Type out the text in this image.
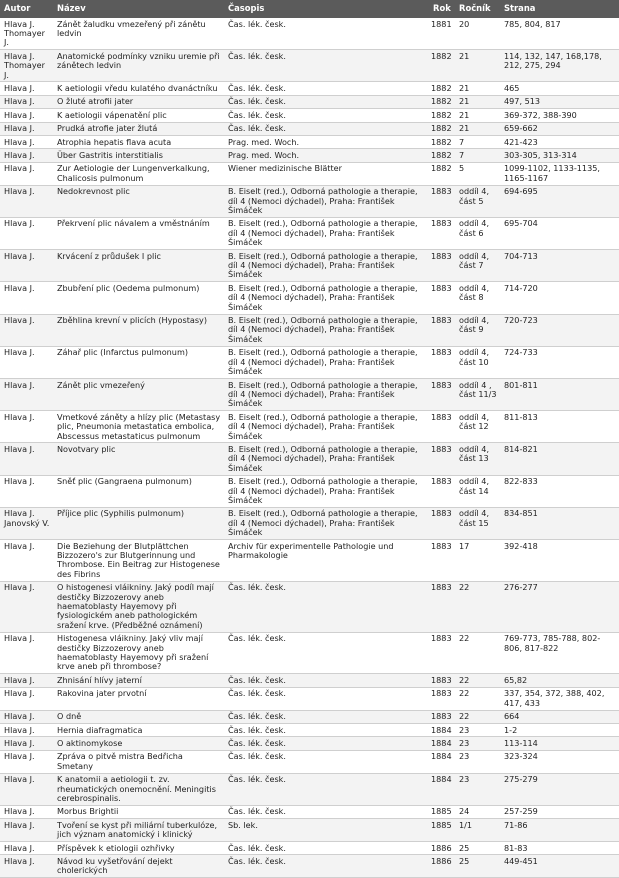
Autor	Název	Časopis	Rok	Ročník	Strana
Hlava J. Thomayer J.	Zánět žaludku vmezeřený při zánětu ledvin	Čas. lék. česk.	1881	20	785, 804, 817
Hlava J. Thomayer J.	Anatomické podmínky vzniku uremie při zánětech ledvin	Čas. lék. česk.	1882	21	114, 132, 147, 168,178, 212, 275, 294
Hlava J.	K aetiologii vředu kulatého dvanáctníku	Čas. lék. česk.	1882	21	465
Hlava J.	O žluté atrofii jater	Čas. lék. česk.	1882	21	497, 513
Hlava J.	K aetiologii vápenatění plic	Čas. lék. česk.	1882	21	369-372, 388-390
Hlava J.	Prudká atrofie jater žlutá	Čas. lék. česk.	1882	21	659-662
Hlava J.	Atrophia hepatis flava acuta	Prag. med. Woch.	1882	7	421-423
Hlava J.	Über Gastritis interstitialis	Prag. med. Woch.	1882	7	303-305, 313-314
Hlava J.	Zur Aetiologie der Lungenverkalkung, Chalicosis pulmonum	Wiener medizinische Blätter	1882	5	1099-1102, 1133-1135, 1165-1167
Hlava J.	Nedokrevnost plic	B. Eiselt (red.), Odborná pathologie a therapie, díl 4 (Nemoci dýchadel), Praha: František Šimáček	1883	oddíl 4, část 5	694-695
Hlava J.	Překrvení plic návalem a vměstnáním	B. Eiselt (red.), Odborná pathologie a therapie, díl 4 (Nemoci dýchadel), Praha: František Šimáček	1883	oddíl 4, část 6	695-704
Hlava J.	Krvácení z průdušek I plic	B. Eiselt (red.), Odborná pathologie a therapie, díl 4 (Nemoci dýchadel), Praha: František Šimáček	1883	oddíl 4, část 7	704-713
Hlava J.	Zbubření plic (Oedema pulmonum)	B. Eiselt (red.), Odborná pathologie a therapie, díl 4 (Nemoci dýchadel), Praha: František Šimáček	1883	oddíl 4, část 8	714-720
Hlava J.	Zběhlina krevní v plicích (Hypostasy)	B. Eiselt (red.), Odborná pathologie a therapie, díl 4 (Nemoci dýchadel), Praha: František Šimáček	1883	oddíl 4, část 9	720-723
Hlava J.	Záhař plic (Infarctus pulmonum)	B. Eiselt (red.), Odborná pathologie a therapie, díl 4 (Nemoci dýchadel), Praha: František Šimáček	1883	oddíl 4, část 10	724-733
Hlava J.	Zánět plic vmezeřený	B. Eiselt (red.), Odborná pathologie a therapie, díl 4 (Nemoci dýchadel), Praha: František Šimáček	1883	oddíl 4 , část 11/3	801-811
Hlava J.	Vmetkové záněty a hlízy plic (Metastasy plic, Pneumonia metastatica embolica, Abscessus metastaticus pulmonum	B. Eiselt (red.), Odborná pathologie a therapie, díl 4 (Nemoci dýchadel), Praha: František Šimáček	1883	oddíl 4, část 12	811-813
Hlava J.	Novotvary plic	B. Eiselt (red.), Odborná pathologie a therapie, díl 4 (Nemoci dýchadel), Praha: František Šimáček	1883	oddíl 4, část 13	814-821
Hlava J.	Sněť plic (Gangraena pulmonum)	B. Eiselt (red.), Odborná pathologie a therapie, díl 4 (Nemoci dýchadel), Praha: František Šimáček	1883	oddíl 4, část 14	822-833
Hlava J. Janovský V.	Příjice plic (Syphilis pulmonum)	B. Eiselt (red.), Odborná pathologie a therapie, díl 4 (Nemoci dýchadel), Praha: František Šimáček	1883	oddíl 4, část 15	834-851
Hlava J.	Die Beziehung der Blutplättchen Bizzozero's zur Blutgerinnung und Thrombose. Ein Beitrag zur Histogenese des Fibrins	Archiv für experimentelle Pathologie und Pharmakologie	1883	17	392-418
Hlava J.	O histogenesi vláikniny. Jaký podíl mají destičky Bizzozerovy aneb haematoblasty Hayemovy při fysiologickém aneb pathologickém sražení krve. (Předběžné oznámení)	Čas. lék. česk.	1883	22	276-277
Hlava J.	Histogenesa vláikniny. Jaký vliv mají destičky Bizzozerovy aneb haematoblasty Hayemovy při sražení krve aneb při thrombose?	Čas. lék. česk.	1883	22	769-773, 785-788, 802-806, 817-822
Hlava J.	Zhnisání hlívy jaterní	Čas. lék. česk.	1883	22	65,82
Hlava J.	Rakovina jater prvotní	Čas. lék. česk.	1883	22	337, 354, 372, 388, 402, 417, 433
Hlava J.	O dně	Čas. lék. česk.	1883	22	664
Hlava J.	Hernia diafragmatica	Čas. lék. česk.	1884	23	1-2
Hlava J.	O aktinomykose	Čas. lék. česk.	1884	23	113-114
Hlava J.	Zpráva o pitvě mistra Bedřicha Smetany	Čas. lék. česk.	1884	23	323-324
Hlava J.	K anatomii a aetiologii t. zv. rheumatických onemocnění. Meningitis cerebrospinalis.	Čas. lék. česk.	1884	23	275-279
Hlava J.	Morbus Brightii	Čas. lék. česk.	1885	24	257-259
Hlava J.	Tvoření se kyst při miliární tuberkulóze, jich význam anatomický i klinický	Sb. lek.	1885	1/1	71-86
Hlava J.	Příspěvek k etiologii ozhřivky	Čas. lék. česk.	1886	25	81-83
Hlava J.	Návod ku vyšetřování dejekt cholerických	Čas. lék. česk.	1886	25	449-451
